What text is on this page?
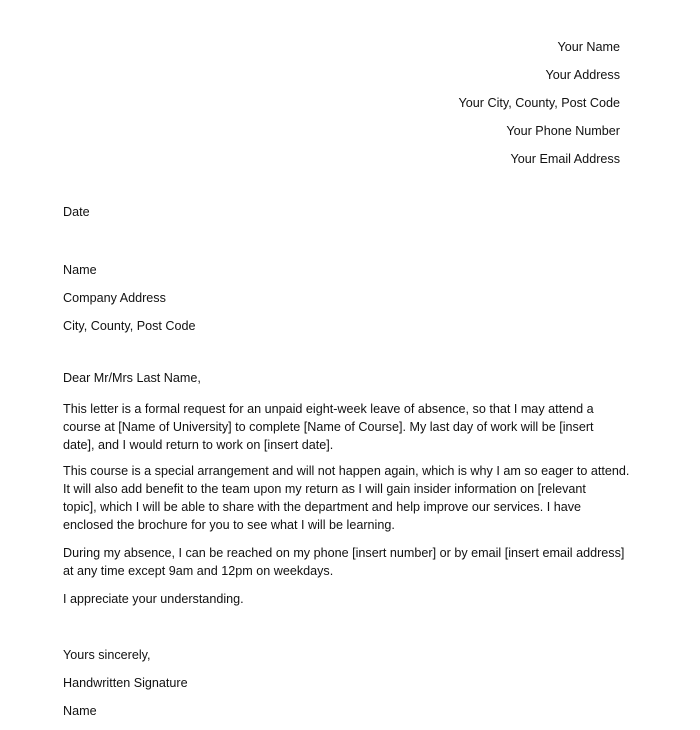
Your Name
Your Address
Your City, County, Post Code
Your Phone Number
Your Email Address
Date
Name
Company Address
City, County, Post Code
Dear Mr/Mrs Last Name,
This letter is a formal request for an unpaid eight-week leave of absence, so that I may attend a
course at [Name of University] to complete [Name of Course]. My last day of work will be [insert
date], and I would return to work on [insert date].
This course is a special arrangement and will not happen again, which is why I am so eager to attend.
It will also add benefit to the team upon my return as I will gain insider information on [relevant
topic], which I will be able to share with the department and help improve our services. I have
enclosed the brochure for you to see what I will be learning.
During my absence, I can be reached on my phone [insert number] or by email [insert email address]
at any time except 9am and 12pm on weekdays.
I appreciate your understanding.
Yours sincerely,
Handwritten Signature
Name
